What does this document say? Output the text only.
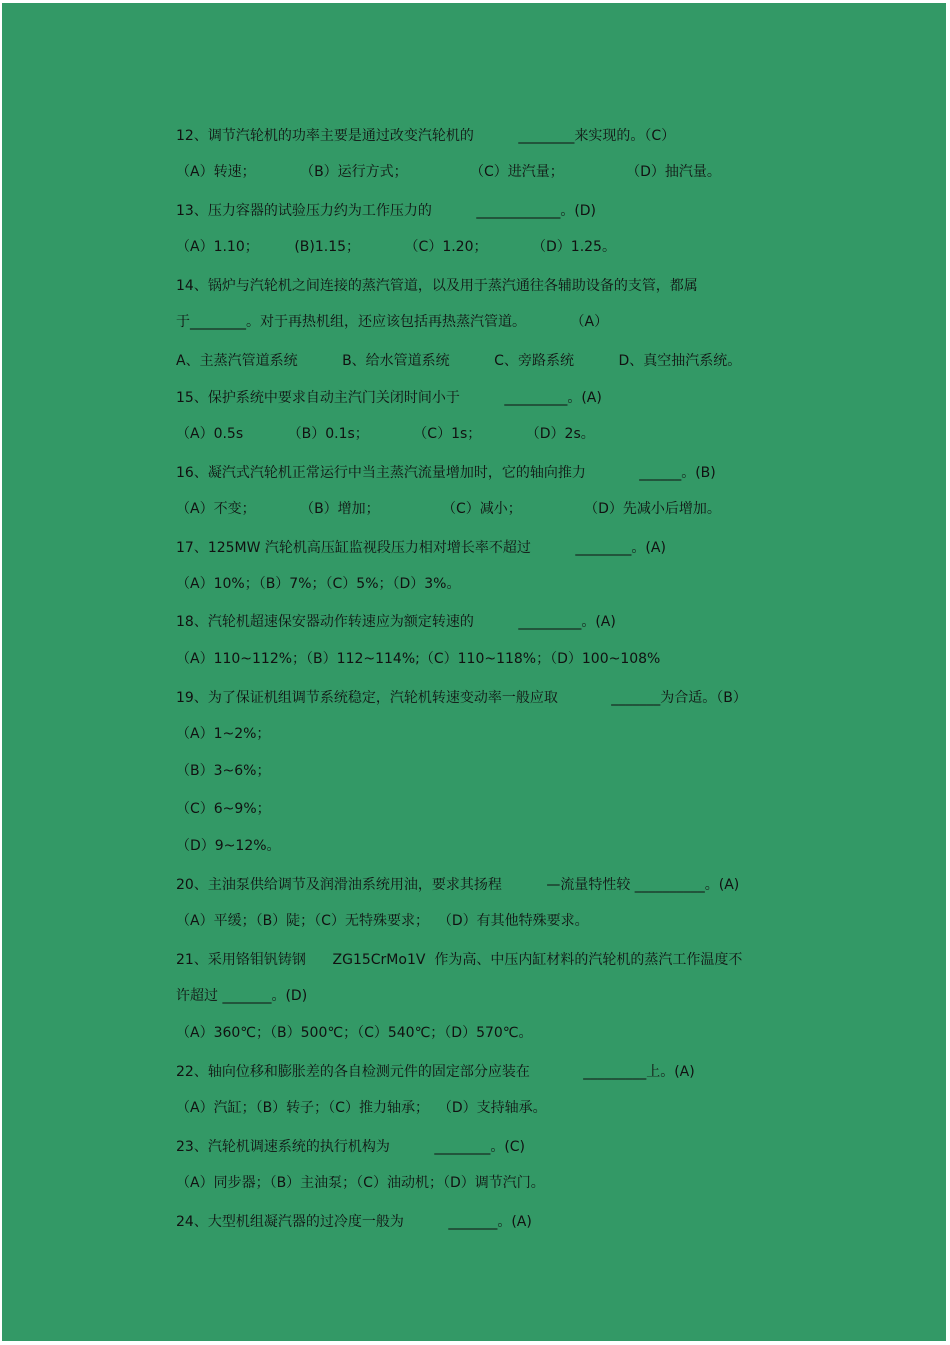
12、调节汽轮机的功率主要是通过改变汽轮机的          ________来实现的。（C）
（A）转速；          （B）运行方式；              （C）进汽量；              （D）抽汽量。
13、压力容器的试验压力约为工作压力的          ____________。(D)
（A）1.10；        (B)1.15；          （C）1.20；          （D）1.25。
14、锅炉与汽轮机之间连接的蒸汽管道，以及用于蒸汽通往各辅助设备的支管，都属
于________。对于再热机组，还应该包括再热蒸汽管道。          （A）
A、主蒸汽管道系统          B、给水管道系统          C、旁路系统          D、真空抽汽系统。
15、保护系统中要求自动主汽门关闭时间小于          _________。(A)
（A）0.5s          （B）0.1s；          （C）1s；          （D）2s。
16、凝汽式汽轮机正常运行中当主蒸汽流量增加时，它的轴向推力            ______。(B)
（A）不变；          （B）增加；              （C）减小；              （D）先减小后增加。
17、125MW 汽轮机高压缸监视段压力相对增长率不超过          ________。(A)
（A）10%；（B）7%；（C）5%；（D）3%。
18、汽轮机超速保安器动作转速应为额定转速的          _________。(A)
（A）110~112%；（B）112~114%;（C）110~118%；（D）100~108%
19、为了保证机组调节系统稳定，汽轮机转速变动率一般应取            _______为合适。（B）
（A）1~2%；
（B）3~6%；
（C）6~9%；
（D）9~12%。
20、主油泵供给调节及润滑油系统用油，要求其扬程          —流量特性较 __________。(A)
（A）平缓；（B）陡；（C）无特殊要求；  （D）有其他特殊要求。
21、采用铬钼钒铸钢      ZG15CrMo1V  作为高、中压内缸材料的汽轮机的蒸汽工作温度不
许超过 _______。(D)
（A）360℃；（B）500℃；（C）540℃；（D）570℃。
22、轴向位移和膨胀差的各自检测元件的固定部分应装在            _________上。(A)
（A）汽缸；（B）转子；（C）推力轴承；  （D）支持轴承。
23、汽轮机调速系统的执行机构为          ________。(C)
（A）同步器；（B）主油泵；（C）油动机；（D）调节汽门。
24、大型机组凝汽器的过冷度一般为          _______。(A)
